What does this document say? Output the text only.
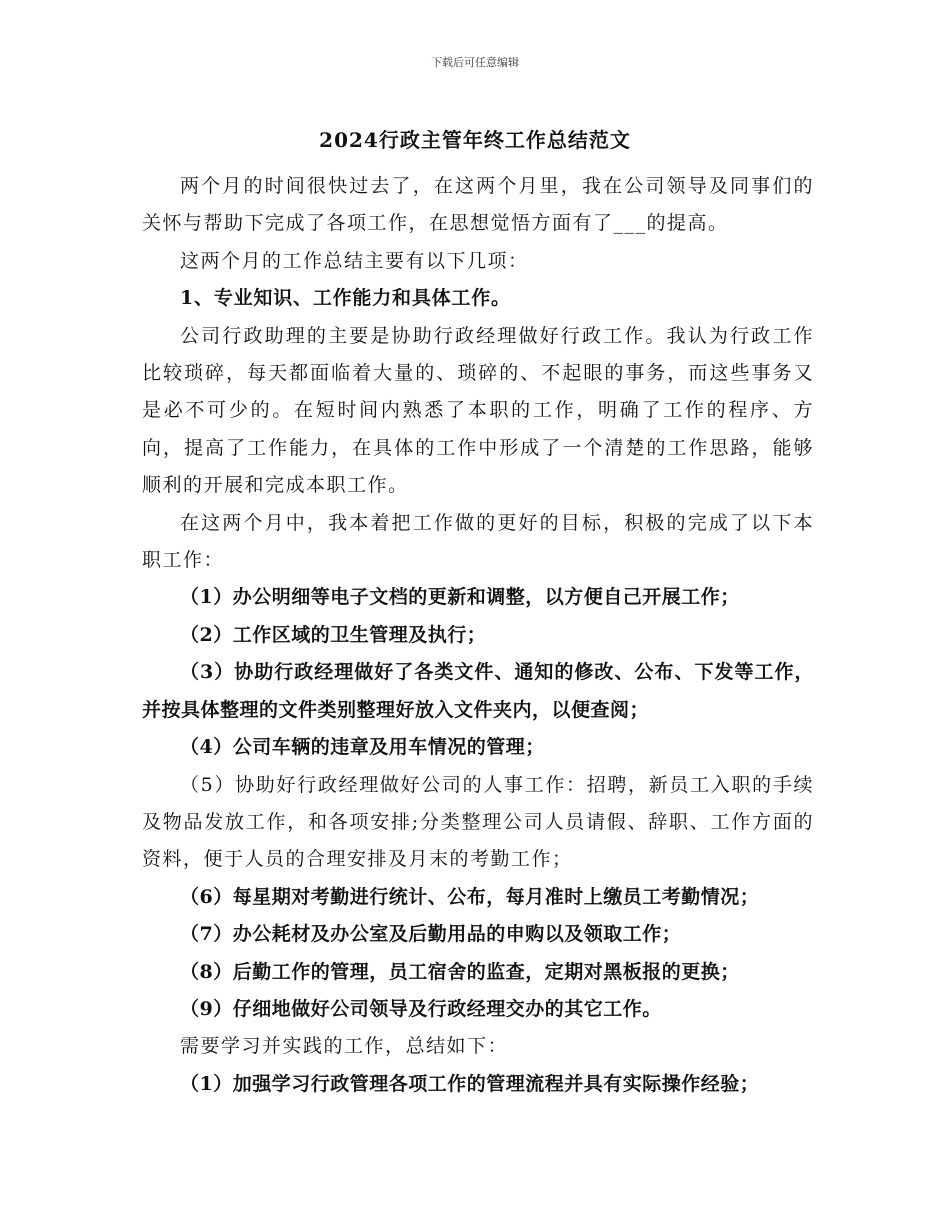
下载后可任意编辑
2024行政主管年终工作总结范文

两个月的时间很快过去了，在这两个月里，我在公司领导及同事们的关怀与帮助下完成了各项工作，在思想觉悟方面有了___的提高。

这两个月的工作总结主要有以下几项：

1、专业知识、工作能力和具体工作。

公司行政助理的主要是协助行政经理做好行政工作。我认为行政工作比较琐碎，每天都面临着大量的、琐碎的、不起眼的事务，而这些事务又是必不可少的。在短时间内熟悉了本职的工作，明确了工作的程序、方向，提高了工作能力，在具体的工作中形成了一个清楚的工作思路，能够顺利的开展和完成本职工作。

在这两个月中，我本着把工作做的更好的目标，积极的完成了以下本职工作：

（1）办公明细等电子文档的更新和调整，以方便自己开展工作；

（2）工作区域的卫生管理及执行；

（3）协助行政经理做好了各类文件、通知的修改、公布、下发等工作，并按具体整理的文件类别整理好放入文件夹内，以便查阅；

（4）公司车辆的违章及用车情况的管理；

（5）协助好行政经理做好公司的人事工作：招聘，新员工入职的手续及物品发放工作，和各项安排;分类整理公司人员请假、辞职、工作方面的资料，便于人员的合理安排及月末的考勤工作；

（6）每星期对考勤进行统计、公布，每月准时上缴员工考勤情况；

（7）办公耗材及办公室及后勤用品的申购以及领取工作；

（8）后勤工作的管理，员工宿舍的监查，定期对黑板报的更换；

（9）仔细地做好公司领导及行政经理交办的其它工作。

需要学习并实践的工作，总结如下：

（1）加强学习行政管理各项工作的管理流程并具有实际操作经验；
